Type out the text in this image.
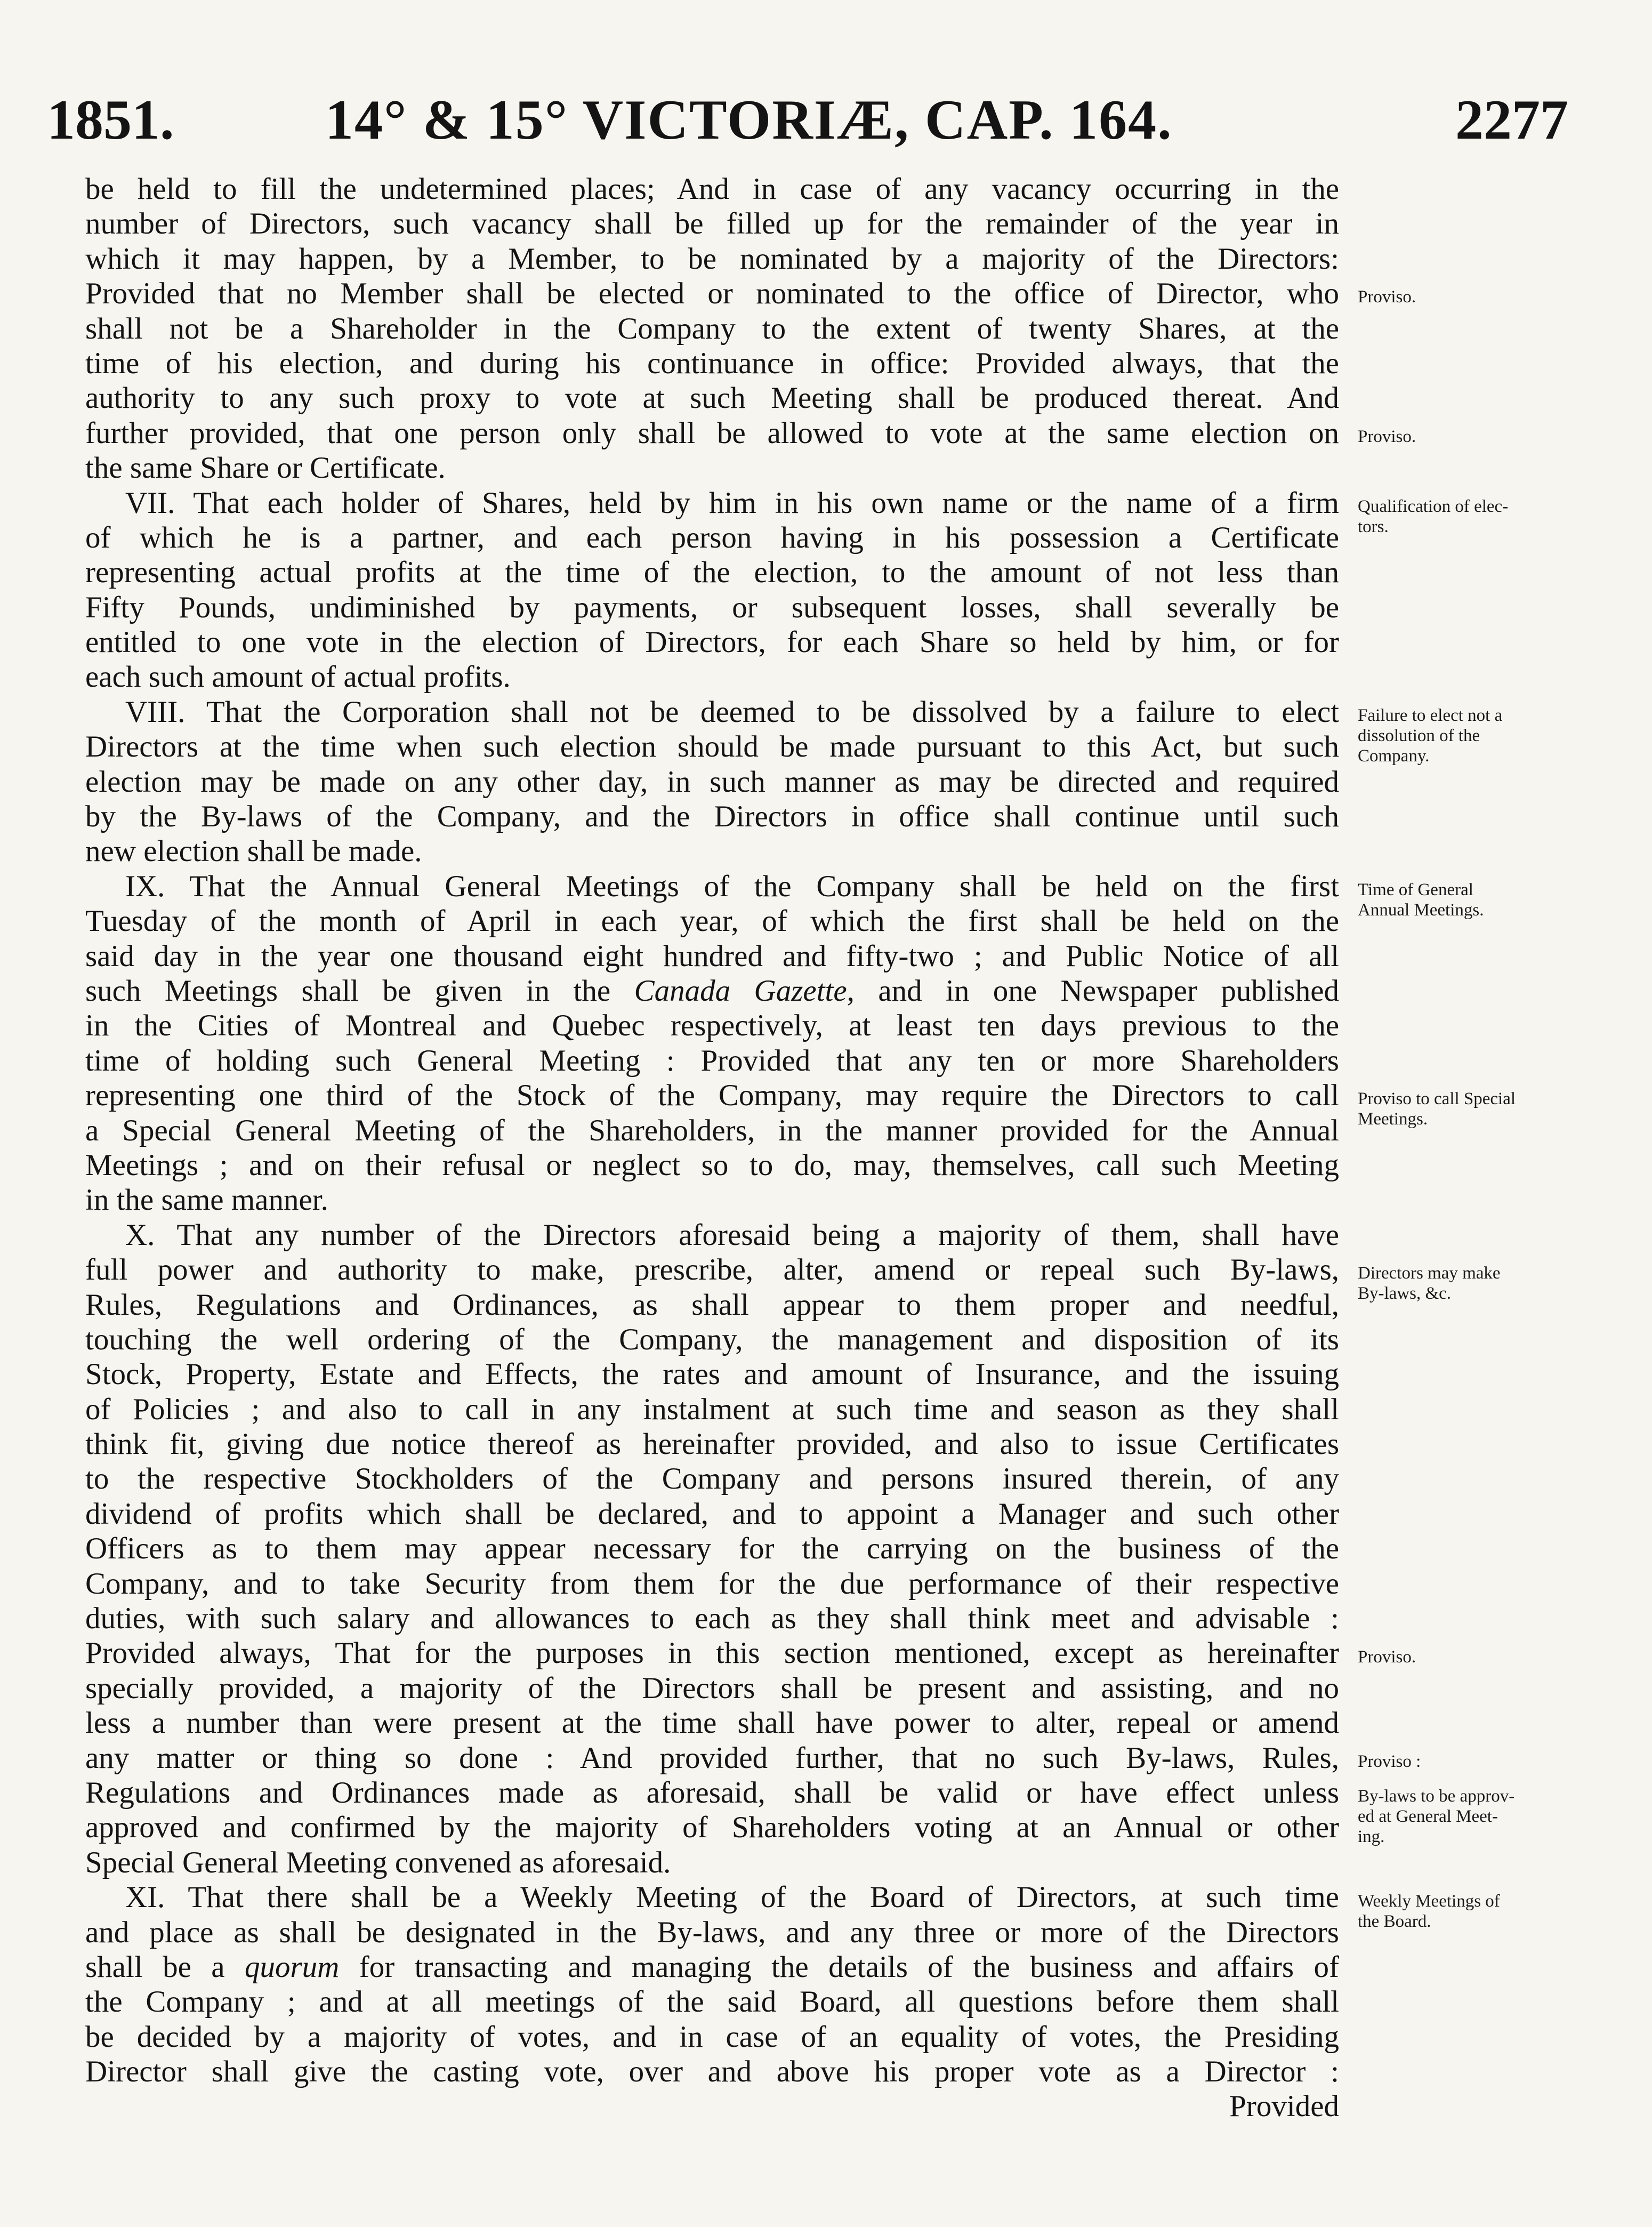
1851.	14° & 15° VICTORIÆ, CAP. 164.	2277
be held to fill the undetermined places; And in case of any vacancy occurring in the
number of Directors, such vacancy shall be filled up for the remainder of the year in
which it may happen, by a Member, to be nominated by a majority of the Directors:
Provided that no Member shall be elected or nominated to the office of Director, who
shall not be a Shareholder in the Company to the extent of twenty Shares, at the
time of his election, and during his continuance in office: Provided always, that the
authority to any such proxy to vote at such Meeting shall be produced thereat. And
further provided, that one person only shall be allowed to vote at the same election on
the same Share or Certificate.
VII. That each holder of Shares, held by him in his own name or the name of a firm
of which he is a partner, and each person having in his possession a Certificate
representing actual profits at the time of the election, to the amount of not less than
Fifty Pounds, undiminished by payments, or subsequent losses, shall severally be
entitled to one vote in the election of Directors, for each Share so held by him, or for
each such amount of actual profits.
VIII. That the Corporation shall not be deemed to be dissolved by a failure to elect
Directors at the time when such election should be made pursuant to this Act, but such
election may be made on any other day, in such manner as may be directed and required
by the By-laws of the Company, and the Directors in office shall continue until such
new election shall be made.
IX. That the Annual General Meetings of the Company shall be held on the first
Tuesday of the month of April in each year, of which the first shall be held on the
said day in the year one thousand eight hundred and fifty-two ; and Public Notice of all
such Meetings shall be given in the Canada Gazette, and in one Newspaper published
in the Cities of Montreal and Quebec respectively, at least ten days previous to the
time of holding such General Meeting : Provided that any ten or more Shareholders
representing one third of the Stock of the Company, may require the Directors to call
a Special General Meeting of the Shareholders, in the manner provided for the Annual
Meetings ; and on their refusal or neglect so to do, may, themselves, call such Meeting
in the same manner.
X. That any number of the Directors aforesaid being a majority of them, shall have
full power and authority to make, prescribe, alter, amend or repeal such By-laws,
Rules, Regulations and Ordinances, as shall appear to them proper and needful,
touching the well ordering of the Company, the management and disposition of its
Stock, Property, Estate and Effects, the rates and amount of Insurance, and the issuing
of Policies ; and also to call in any instalment at such time and season as they shall
think fit, giving due notice thereof as hereinafter provided, and also to issue Certificates
to the respective Stockholders of the Company and persons insured therein, of any
dividend of profits which shall be declared, and to appoint a Manager and such other
Officers as to them may appear necessary for the carrying on the business of the
Company, and to take Security from them for the due performance of their respective
duties, with such salary and allowances to each as they shall think meet and advisable :
Provided always, That for the purposes in this section mentioned, except as hereinafter
specially provided, a majority of the Directors shall be present and assisting, and no
less a number than were present at the time shall have power to alter, repeal or amend
any matter or thing so done : And provided further, that no such By-laws, Rules,
Regulations and Ordinances made as aforesaid, shall be valid or have effect unless
approved and confirmed by the majority of Shareholders voting at an Annual or other
Special General Meeting convened as aforesaid.
XI. That there shall be a Weekly Meeting of the Board of Directors, at such time
and place as shall be designated in the By-laws, and any three or more of the Directors
shall be a quorum for transacting and managing the details of the business and affairs of
the Company ; and at all meetings of the said Board, all questions before them shall
be decided by a majority of votes, and in case of an equality of votes, the Presiding
Director shall give the casting vote, over and above his proper vote as a Director :
Provided
Proviso.
Proviso.
Qualification of elec-
tors.
Failure to elect not a
dissolution of the
Company.
Time of General
Annual Meetings.
Proviso to call Special
Meetings.
Directors may make
By-laws, &c.
Proviso.
Proviso :
By-laws to be approv-
ed at General Meet-
ing.
Weekly Meetings of
the Board.
